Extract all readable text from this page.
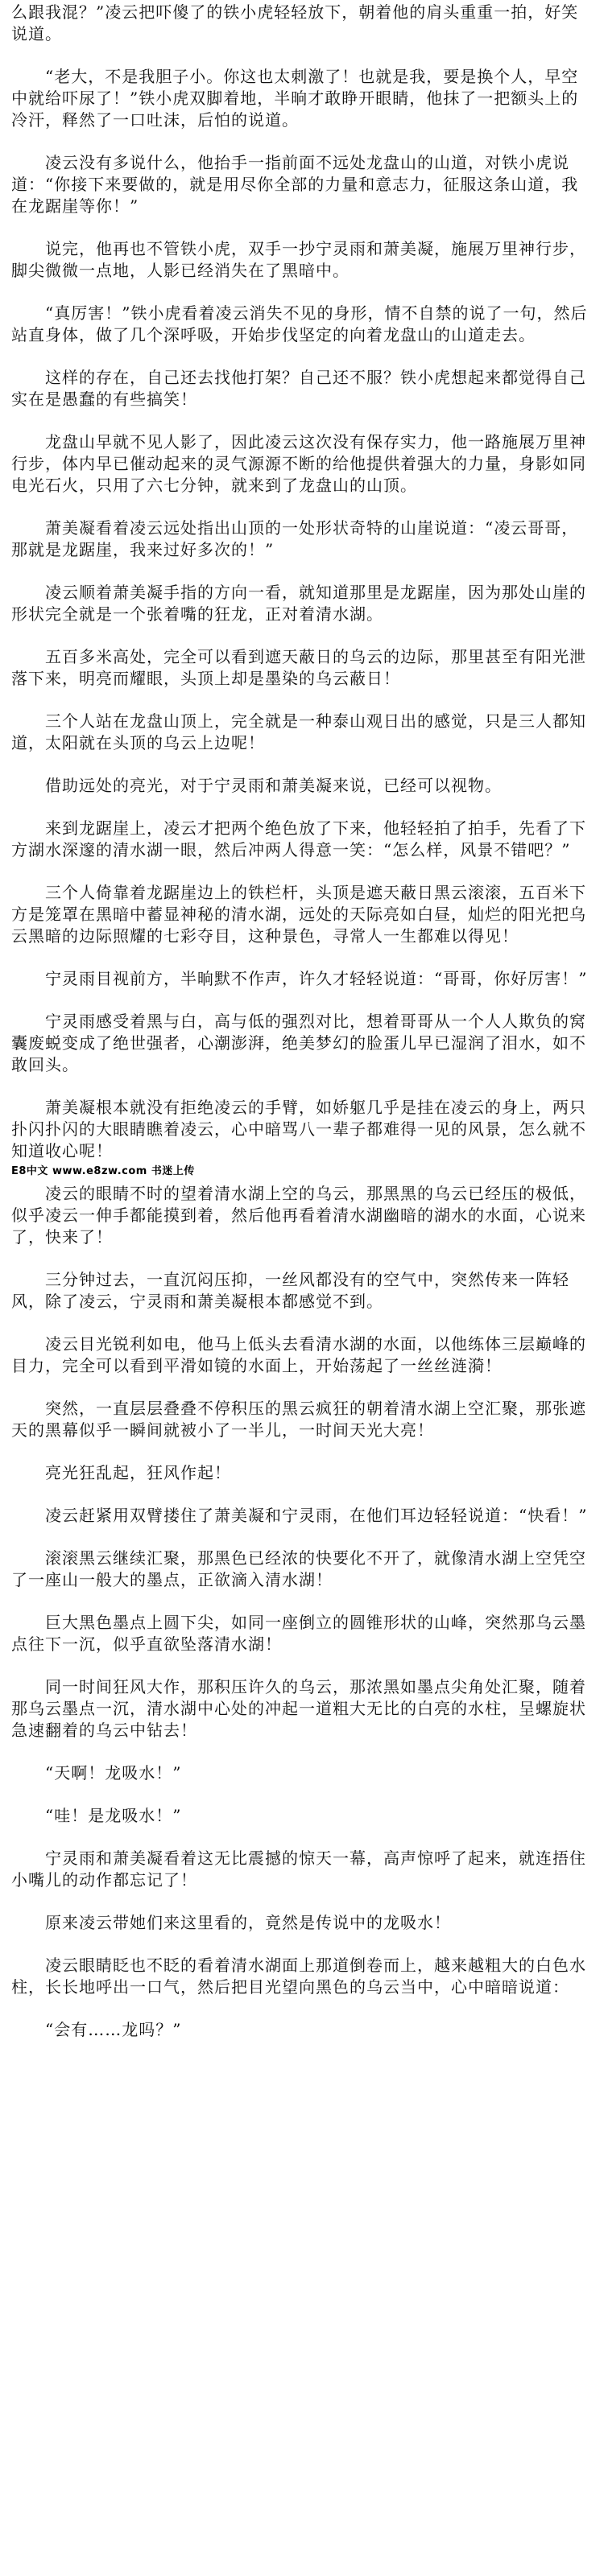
么跟我混？”凌云把吓傻了的铁小虎轻轻放下，朝着他的肩头重重一拍，好笑说道。

　　“老大，不是我胆子小。你这也太刺激了！也就是我，要是换个人，早空中就给吓尿了！”铁小虎双脚着地，半晌才敢睁开眼睛，他抹了一把额头上的冷汗，释然了一口吐沫，后怕的说道。

　　凌云没有多说什么，他抬手一指前面不远处龙盘山的山道，对铁小虎说道：“你接下来要做的，就是用尽你全部的力量和意志力，征服这条山道，我在龙踞崖等你！”

　　说完，他再也不管铁小虎，双手一抄宁灵雨和萧美凝，施展万里神行步，脚尖微微一点地，人影已经消失在了黑暗中。

　　“真厉害！”铁小虎看着凌云消失不见的身形，情不自禁的说了一句，然后站直身体，做了几个深呼吸，开始步伐坚定的向着龙盘山的山道走去。

　　这样的存在，自己还去找他打架？自己还不服？铁小虎想起来都觉得自己实在是愚蠢的有些搞笑！

　　龙盘山早就不见人影了，因此凌云这次没有保存实力，他一路施展万里神行步，体内早已催动起来的灵气源源不断的给他提供着强大的力量，身影如同电光石火，只用了六七分钟，就来到了龙盘山的山顶。

　　萧美凝看着凌云远处指出山顶的一处形状奇特的山崖说道：“凌云哥哥，那就是龙踞崖，我来过好多次的！”

　　凌云顺着萧美凝手指的方向一看，就知道那里是龙踞崖，因为那处山崖的形状完全就是一个张着嘴的狂龙，正对着清水湖。

　　五百多米高处，完全可以看到遮天蔽日的乌云的边际，那里甚至有阳光泄落下来，明亮而耀眼，头顶上却是墨染的乌云蔽日！

　　三个人站在龙盘山顶上，完全就是一种泰山观日出的感觉，只是三人都知道，太阳就在头顶的乌云上边呢！

　　借助远处的亮光，对于宁灵雨和萧美凝来说，已经可以视物。

　　来到龙踞崖上，凌云才把两个绝色放了下来，他轻轻拍了拍手，先看了下方湖水深邃的清水湖一眼，然后冲两人得意一笑：“怎么样，风景不错吧？”

　　三个人倚靠着龙踞崖边上的铁栏杆，头顶是遮天蔽日黑云滚滚，五百米下方是笼罩在黑暗中蓄显神秘的清水湖，远处的天际亮如白昼，灿烂的阳光把乌云黑暗的边际照耀的七彩夺目，这种景色，寻常人一生都难以得见！

　　宁灵雨目视前方，半晌默不作声，许久才轻轻说道：“哥哥，你好厉害！”

　　宁灵雨感受着黑与白，高与低的强烈对比，想着哥哥从一个人人欺负的窝囊废蜕变成了绝世强者，心潮澎湃，绝美梦幻的脸蛋儿早已湿润了泪水，如不敢回头。

　　萧美凝根本就没有拒绝凌云的手臂，如娇躯几乎是挂在凌云的身上，两只扑闪扑闪的大眼睛瞧着凌云，心中暗骂八一辈子都难得一见的风景，怎么就不知道收心呢！

E8中文 www.e8zw.com 书迷上传

　　凌云的眼睛不时的望着清水湖上空的乌云，那黑黑的乌云已经压的极低，似乎凌云一伸手都能摸到着，然后他再看着清水湖幽暗的湖水的水面，心说来了，快来了！

　　三分钟过去，一直沉闷压抑，一丝风都没有的空气中，突然传来一阵轻风，除了凌云，宁灵雨和萧美凝根本都感觉不到。

　　凌云目光锐利如电，他马上低头去看清水湖的水面，以他练体三层巅峰的目力，完全可以看到平滑如镜的水面上，开始荡起了一丝丝涟漪！

　　突然，一直层层叠叠不停积压的黑云疯狂的朝着清水湖上空汇聚，那张遮天的黑幕似乎一瞬间就被小了一半儿，一时间天光大亮！

　　亮光狂乱起，狂风作起！

　　凌云赶紧用双臂搂住了萧美凝和宁灵雨，在他们耳边轻轻说道：“快看！”

　　滚滚黑云继续汇聚，那黑色已经浓的快要化不开了，就像清水湖上空凭空了一座山一般大的墨点，正欲滴入清水湖！

　　巨大黑色墨点上圆下尖，如同一座倒立的圆锥形状的山峰，突然那乌云墨点往下一沉，似乎直欲坠落清水湖！

　　同一时间狂风大作，那积压许久的乌云，那浓黑如墨点尖角处汇聚，随着那乌云墨点一沉，清水湖中心处的冲起一道粗大无比的白亮的水柱，呈螺旋状急速翻着的乌云中钻去！

　　“天啊！龙吸水！”

　　“哇！是龙吸水！”

　　宁灵雨和萧美凝看着这无比震撼的惊天一幕，高声惊呼了起来，就连捂住小嘴儿的动作都忘记了！

　　原来凌云带她们来这里看的，竟然是传说中的龙吸水！

　　凌云眼睛眨也不眨的看着清水湖面上那道倒卷而上，越来越粗大的白色水柱，长长地呼出一口气，然后把目光望向黑色的乌云当中，心中暗暗说道：

　　“会有……龙吗？”
